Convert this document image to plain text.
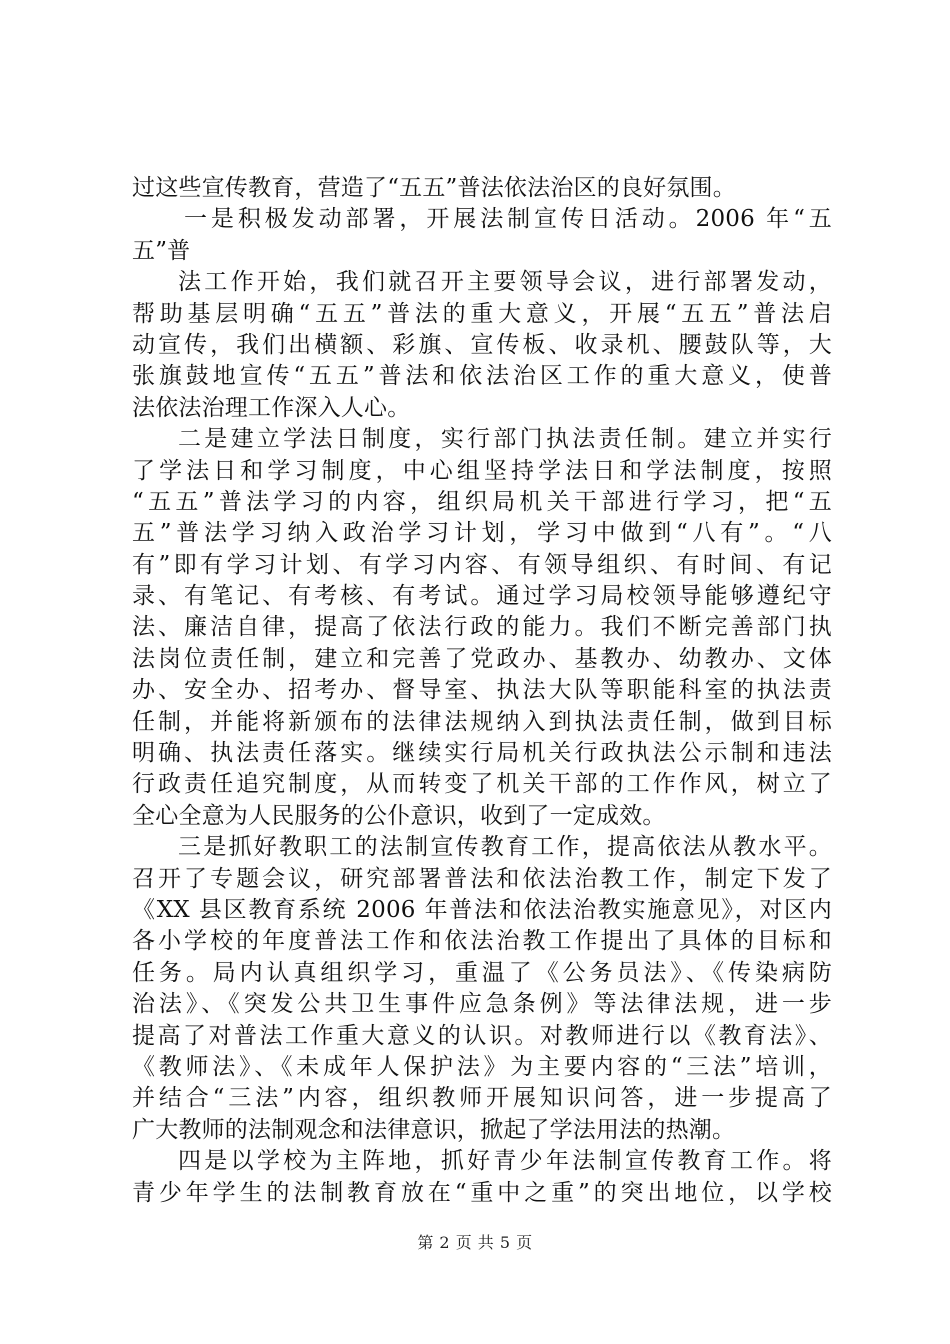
过这些宣传教育，营造了“五五”普法依法治区的良好氛围。
一是积极发动部署，开展法制宣传日活动。2006 年“五
五”普
法工作开始，我们就召开主要领导会议，进行部署发动，
帮助基层明确“五五”普法的重大意义，开展“五五”普法启
动宣传，我们出横额、彩旗、宣传板、收录机、腰鼓队等，大
张旗鼓地宣传“五五”普法和依法治区工作的重大意义，使普
法依法治理工作深入人心。
二是建立学法日制度，实行部门执法责任制。建立并实行
了学法日和学习制度，中心组坚持学法日和学法制度，按照
“五五”普法学习的内容，组织局机关干部进行学习，把“五
五”普法学习纳入政治学习计划，学习中做到“八有”。“八
有”即有学习计划、有学习内容、有领导组织、有时间、有记
录、有笔记、有考核、有考试。通过学习局校领导能够遵纪守
法、廉洁自律，提高了依法行政的能力。我们不断完善部门执
法岗位责任制，建立和完善了党政办、基教办、幼教办、文体
办、安全办、招考办、督导室、执法大队等职能科室的执法责
任制，并能将新颁布的法律法规纳入到执法责任制，做到目标
明确、执法责任落实。继续实行局机关行政执法公示制和违法
行政责任追究制度，从而转变了机关干部的工作作风，树立了
全心全意为人民服务的公仆意识，收到了一定成效。
三是抓好教职工的法制宣传教育工作，提高依法从教水平。
召开了专题会议，研究部署普法和依法治教工作，制定下发了
《XX 县区教育系统 2006 年普法和依法治教实施意见》，对区内
各小学校的年度普法工作和依法治教工作提出了具体的目标和
任务。局内认真组织学习，重温了《公务员法》、《传染病防
治法》、《突发公共卫生事件应急条例》等法律法规，进一步
提高了对普法工作重大意义的认识。对教师进行以《教育法》、
《教师法》、《未成年人保护法》为主要内容的“三法”培训，
并结合“三法”内容，组织教师开展知识问答，进一步提高了
广大教师的法制观念和法律意识，掀起了学法用法的热潮。
四是以学校为主阵地，抓好青少年法制宣传教育工作。将
青少年学生的法制教育放在“重中之重”的突出地位，以学校
第 2 页 共 5 页
